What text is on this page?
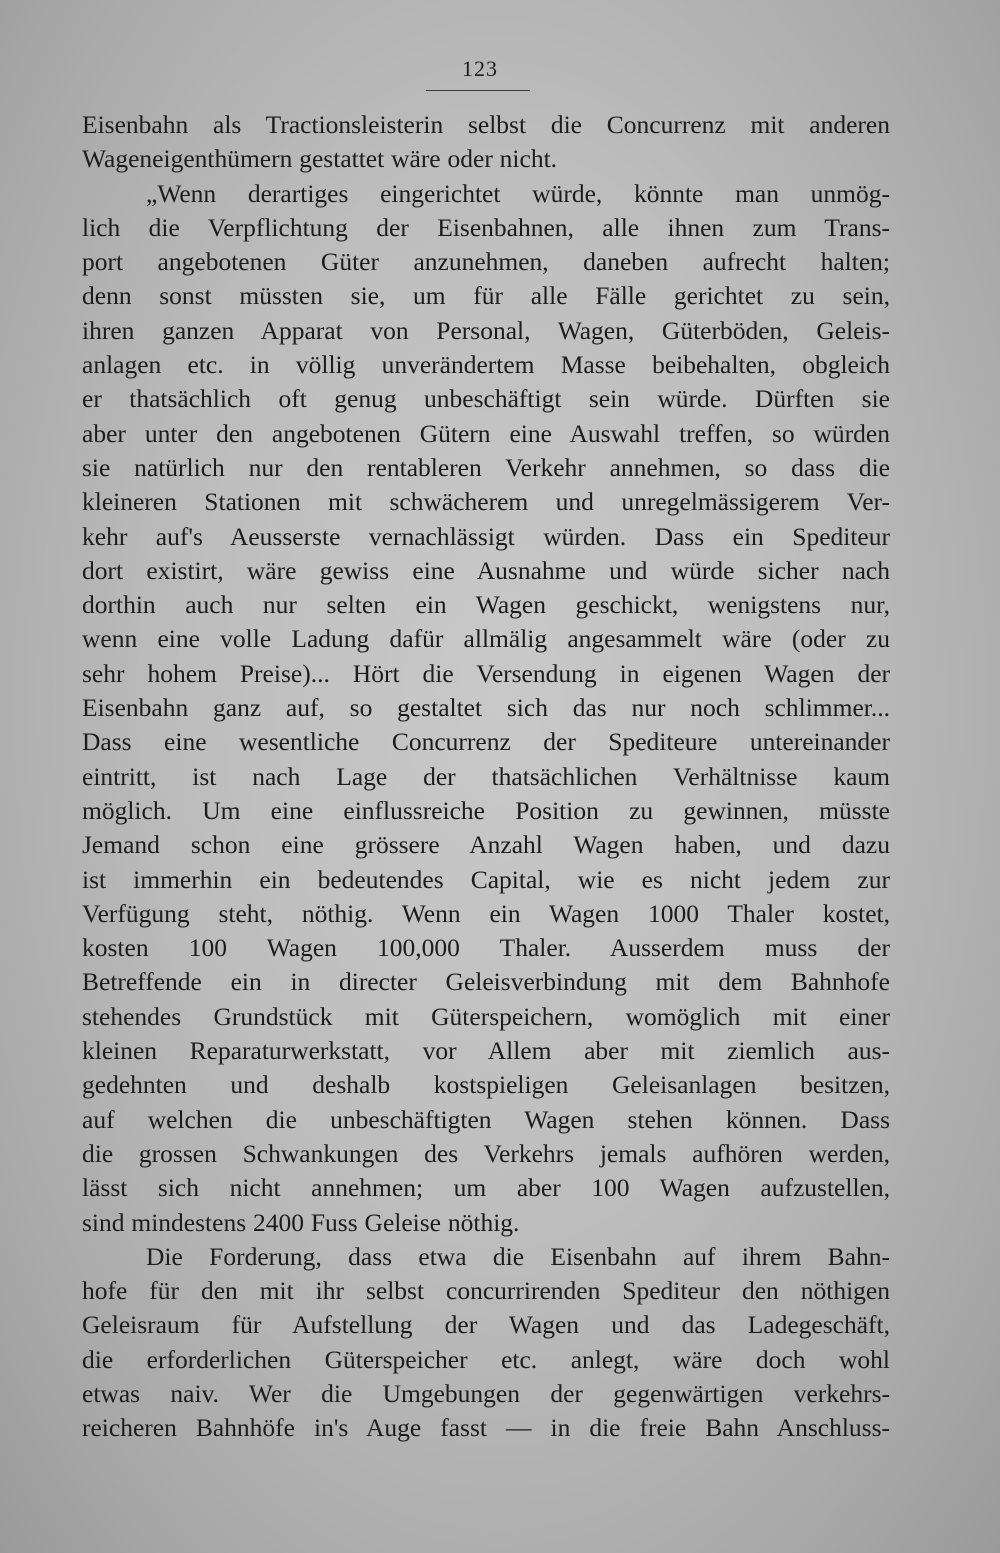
123
Eisenbahn als Tractionsleisterin selbst die Concurrenz mit anderen
Wageneigenthümern gestattet wäre oder nicht.
„Wenn derartiges eingerichtet würde, könnte man unmög-
lich die Verpflichtung der Eisenbahnen, alle ihnen zum Trans-
port angebotenen Güter anzunehmen, daneben aufrecht halten;
denn sonst müssten sie, um für alle Fälle gerichtet zu sein,
ihren ganzen Apparat von Personal, Wagen, Güterböden, Geleis-
anlagen etc. in völlig unverändertem Masse beibehalten, obgleich
er thatsächlich oft genug unbeschäftigt sein würde. Dürften sie
aber unter den angebotenen Gütern eine Auswahl treffen, so würden
sie natürlich nur den rentableren Verkehr annehmen, so dass die
kleineren Stationen mit schwächerem und unregelmässigerem Ver-
kehr auf's Aeusserste vernachlässigt würden. Dass ein Spediteur
dort existirt, wäre gewiss eine Ausnahme und würde sicher nach
dorthin auch nur selten ein Wagen geschickt, wenigstens nur,
wenn eine volle Ladung dafür allmälig angesammelt wäre (oder zu
sehr hohem Preise)... Hört die Versendung in eigenen Wagen der
Eisenbahn ganz auf, so gestaltet sich das nur noch schlimmer...
Dass eine wesentliche Concurrenz der Spediteure untereinander
eintritt, ist nach Lage der thatsächlichen Verhältnisse kaum
möglich. Um eine einflussreiche Position zu gewinnen, müsste
Jemand schon eine grössere Anzahl Wagen haben, und dazu
ist immerhin ein bedeutendes Capital, wie es nicht jedem zur
Verfügung steht, nöthig. Wenn ein Wagen 1000 Thaler kostet,
kosten 100 Wagen 100,000 Thaler. Ausserdem muss der
Betreffende ein in directer Geleisverbindung mit dem Bahnhofe
stehendes Grundstück mit Güterspeichern, womöglich mit einer
kleinen Reparaturwerkstatt, vor Allem aber mit ziemlich aus-
gedehnten und deshalb kostspieligen Geleisanlagen besitzen,
auf welchen die unbeschäftigten Wagen stehen können. Dass
die grossen Schwankungen des Verkehrs jemals aufhören werden,
lässt sich nicht annehmen; um aber 100 Wagen aufzustellen,
sind mindestens 2400 Fuss Geleise nöthig.
Die Forderung, dass etwa die Eisenbahn auf ihrem Bahn-
hofe für den mit ihr selbst concurrirenden Spediteur den nöthigen
Geleisraum für Aufstellung der Wagen und das Ladegeschäft,
die erforderlichen Güterspeicher etc. anlegt, wäre doch wohl
etwas naiv. Wer die Umgebungen der gegenwärtigen verkehrs-
reicheren Bahnhöfe in's Auge fasst — in die freie Bahn Anschluss-
